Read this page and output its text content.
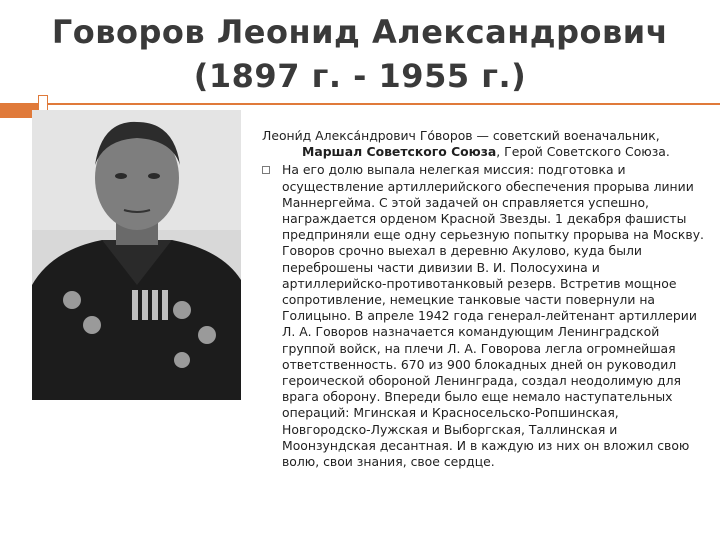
Говоров Леонид Александрович
(1897 г. - 1955 г.)
Леони́д Алекса́ндрович Го́воров — советский военачальник,
Маршал Советского Союза, Герой Советского Союза.
На его долю выпала нелегкая миссия: подготовка и осуществление артиллерийского обеспечения прорыва линии Маннергейма. С этой задачей он справляется успешно, награждается орденом Красной Звезды. 1 декабря фашисты предприняли еще одну серьезную попытку прорыва на Москву. Говоров срочно выехал в деревню Акулово, куда были переброшены части дивизии В. И. Полосухина и артиллерийско-противотанковый резерв. Встретив мощное сопротивление, немецкие танковые части повернули на Голицыно. В апреле 1942 года генерал-лейтенант артиллерии Л. А. Говоров назначается командующим Ленинградской группой войск, на плечи Л. А. Говорова легла огромнейшая ответственность. 670 из 900 блокадных дней он руководил героической обороной Ленинграда, создал неодолимую для врага оборону. Впереди было еще немало наступательных операций: Мгинская и Красносельско-Ропшинская, Новгородско-Лужская и Выборгская, Таллинская и Моонзундская десантная. И в каждую из них он вложил свою волю, свои знания, свое сердце.
